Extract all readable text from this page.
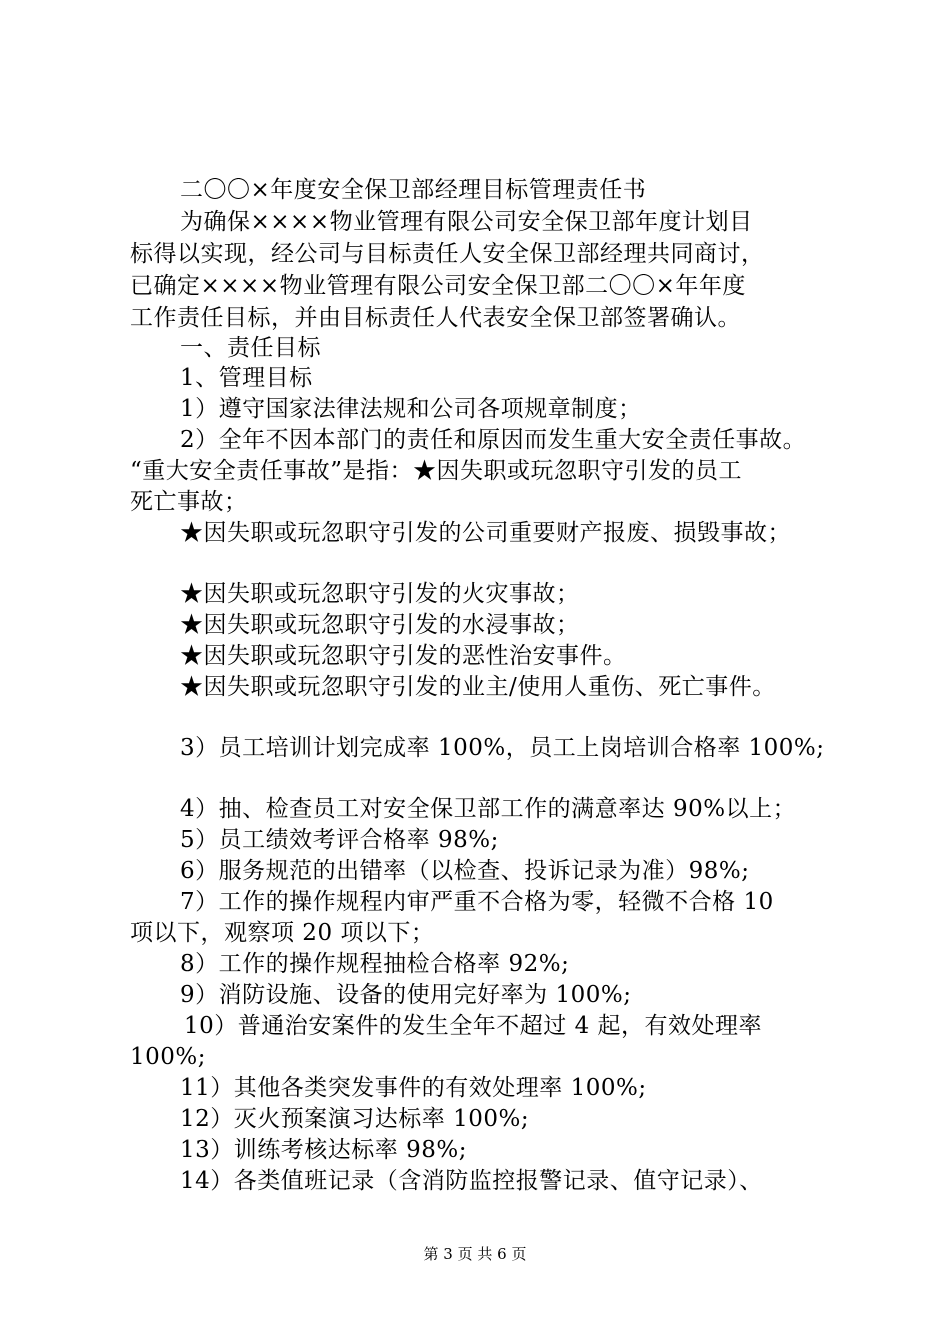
二〇〇×年度安全保卫部经理目标管理责任书
为确保××××物业管理有限公司安全保卫部年度计划目
标得以实现，经公司与目标责任人安全保卫部经理共同商讨，
已确定××××物业管理有限公司安全保卫部二〇〇×年年度
工作责任目标，并由目标责任人代表安全保卫部签署确认。
一、责任目标
1、管理目标
1）遵守国家法律法规和公司各项规章制度；
2）全年不因本部门的责任和原因而发生重大安全责任事故。
“重大安全责任事故”是指：★因失职或玩忽职守引发的员工
死亡事故；
★因失职或玩忽职守引发的公司重要财产报废、损毁事故；
★因失职或玩忽职守引发的火灾事故；
★因失职或玩忽职守引发的水浸事故；
★因失职或玩忽职守引发的恶性治安事件。
★因失职或玩忽职守引发的业主/使用人重伤、死亡事件。
3）员工培训计划完成率 100%，员工上岗培训合格率 100%;
4）抽、检查员工对安全保卫部工作的满意率达 90%以上；
5）员工绩效考评合格率 98%;
6）服务规范的出错率（以检查、投诉记录为准）98%;
7）工作的操作规程内审严重不合格为零，轻微不合格 10
项以下，观察项 20 项以下；
8）工作的操作规程抽检合格率 92%;
9）消防设施、设备的使用完好率为 100%;
10）普通治安案件的发生全年不超过 4 起，有效处理率
100%;
11）其他各类突发事件的有效处理率 100%;
12）灭火预案演习达标率 100%;
13）训练考核达标率 98%;
14）各类值班记录（含消防监控报警记录、值守记录）、
第 3 页 共 6 页
